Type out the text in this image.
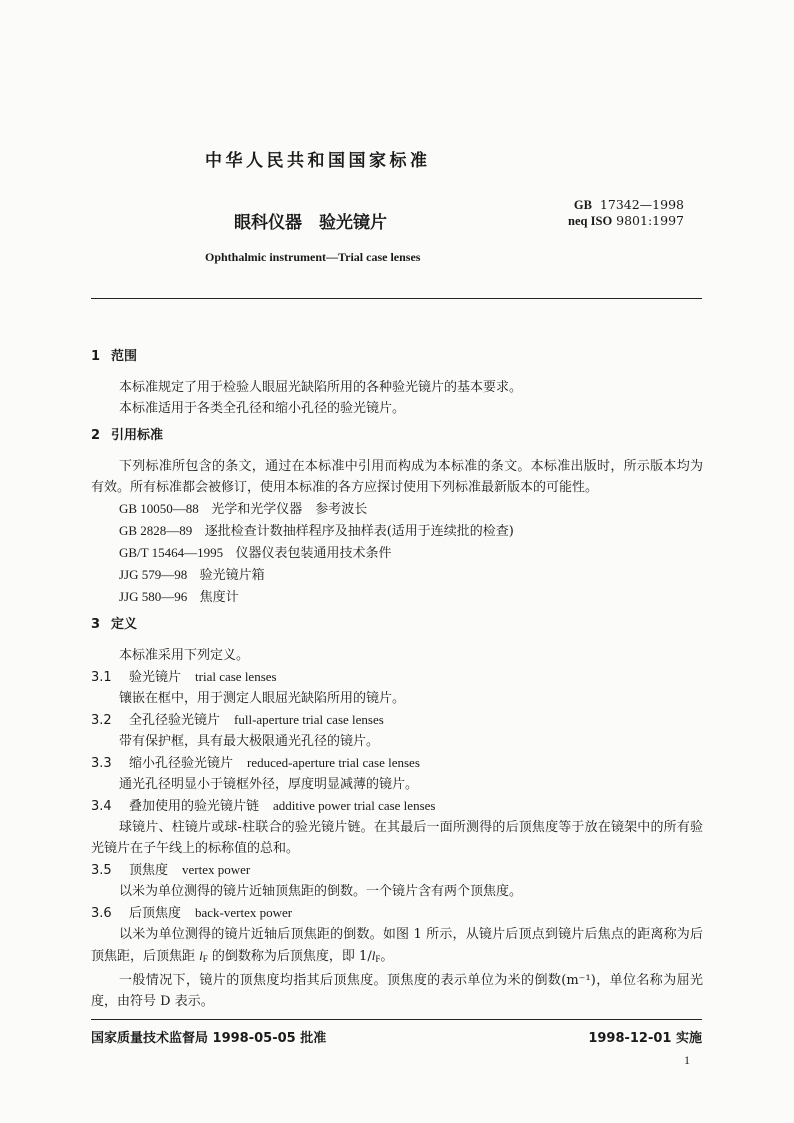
中华人民共和国国家标准
眼科仪器　验光镜片
GB 17342—1998
neq ISO 9801:1997
Ophthalmic instrument—Trial case lenses

1 范围

本标准规定了用于检验人眼屈光缺陷所用的各种验光镜片的基本要求。

本标准适用于各类全孔径和缩小孔径的验光镜片。

2 引用标准

下列标准所包含的条文，通过在本标准中引用而构成为本标准的条文。本标准出版时，所示版本均为有效。所有标准都会被修订，使用本标准的各方应探讨使用下列标准最新版本的可能性。

GB 10050—88 光学和光学仪器　参考波长

GB 2828—89 逐批检查计数抽样程序及抽样表(适用于连续批的检查)

GB/T 15464—1995 仪器仪表包装通用技术条件

JJG 579—98 验光镜片箱

JJG 580—96 焦度计

3 定义

本标准采用下列定义。

3.1 验光镜片 trial case lenses

镶嵌在框中，用于测定人眼屈光缺陷所用的镜片。

3.2 全孔径验光镜片 full-aperture trial case lenses

带有保护框，具有最大极限通光孔径的镜片。

3.3 缩小孔径验光镜片 reduced-aperture trial case lenses

通光孔径明显小于镜框外径，厚度明显减薄的镜片。

3.4 叠加使用的验光镜片链 additive power trial case lenses

球镜片、柱镜片或球-柱联合的验光镜片链。在其最后一面所测得的后顶焦度等于放在镜架中的所有验光镜片在子午线上的标称值的总和。

3.5 顶焦度 vertex power

以米为单位测得的镜片近轴顶焦距的倒数。一个镜片含有两个顶焦度。

3.6 后顶焦度 back-vertex power

以米为单位测得的镜片近轴后顶焦距的倒数。如图 1 所示，从镜片后顶点到镜片后焦点的距离称为后顶焦距，后顶焦距 lF 的倒数称为后顶焦度，即 1/lF。

一般情况下，镜片的顶焦度均指其后顶焦度。顶焦度的表示单位为米的倒数(m⁻¹)，单位名称为屈光度，由符号 D 表示。

国家质量技术监督局 1998-05-05 批准	1998-12-01 实施
1
